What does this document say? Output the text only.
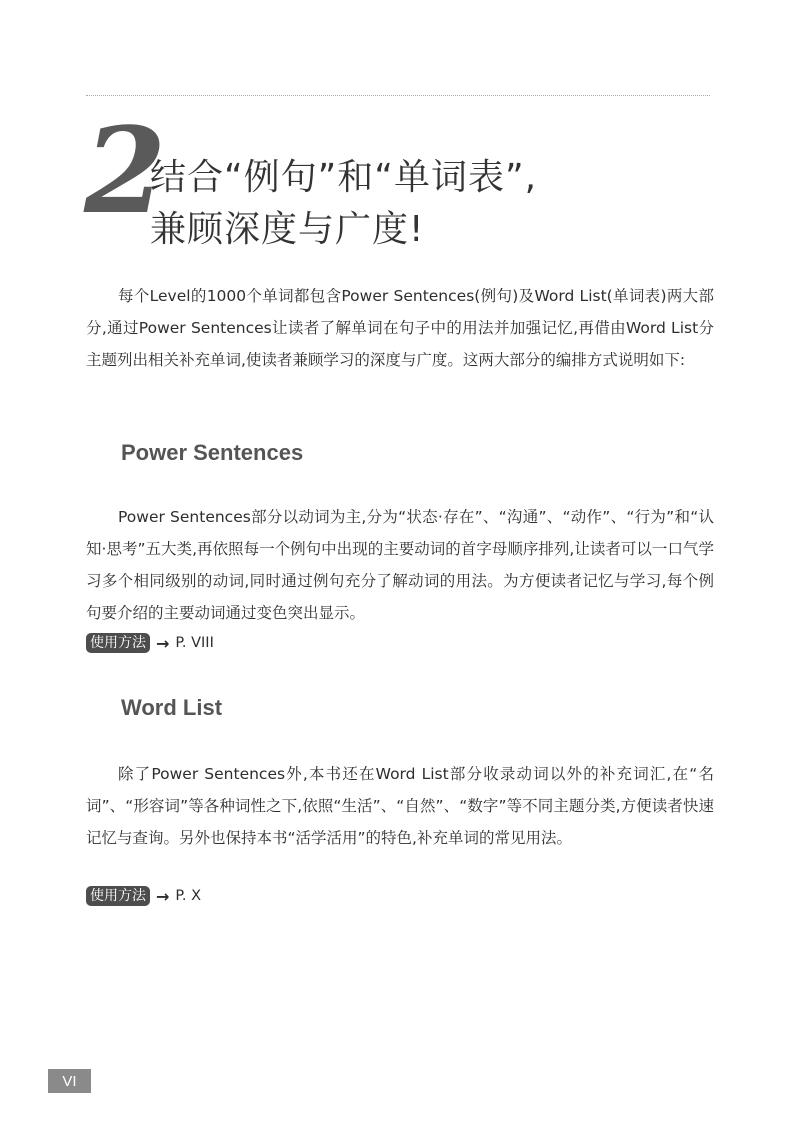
2
结合“例句”和“单词表”,
兼顾深度与广度!

每个Level的1000个单词都包含Power Sentences(例句)及Word List(单词表)两大部分,通过Power Sentences让读者了解单词在句子中的用法并加强记忆,再借由Word List分主题列出相关补充单词,使读者兼顾学习的深度与广度。这两大部分的编排方式说明如下:

Power Sentences

Power Sentences部分以动词为主,分为“状态·存在”、“沟通”、“动作”、“行为”和“认知·思考”五大类,再依照每一个例句中出现的主要动词的首字母顺序排列,让读者可以一口气学习多个相同级别的动词,同时通过例句充分了解动词的用法。为方便读者记忆与学习,每个例句要介绍的主要动词通过变色突出显示。

使用方法 → P. VIII
Word List

除了Power Sentences外,本书还在Word List部分收录动词以外的补充词汇,在“名词”、“形容词”等各种词性之下,依照“生活”、“自然”、“数字”等不同主题分类,方便读者快速记忆与查询。另外也保持本书“活学活用”的特色,补充单词的常见用法。

使用方法 → P. X
VI
